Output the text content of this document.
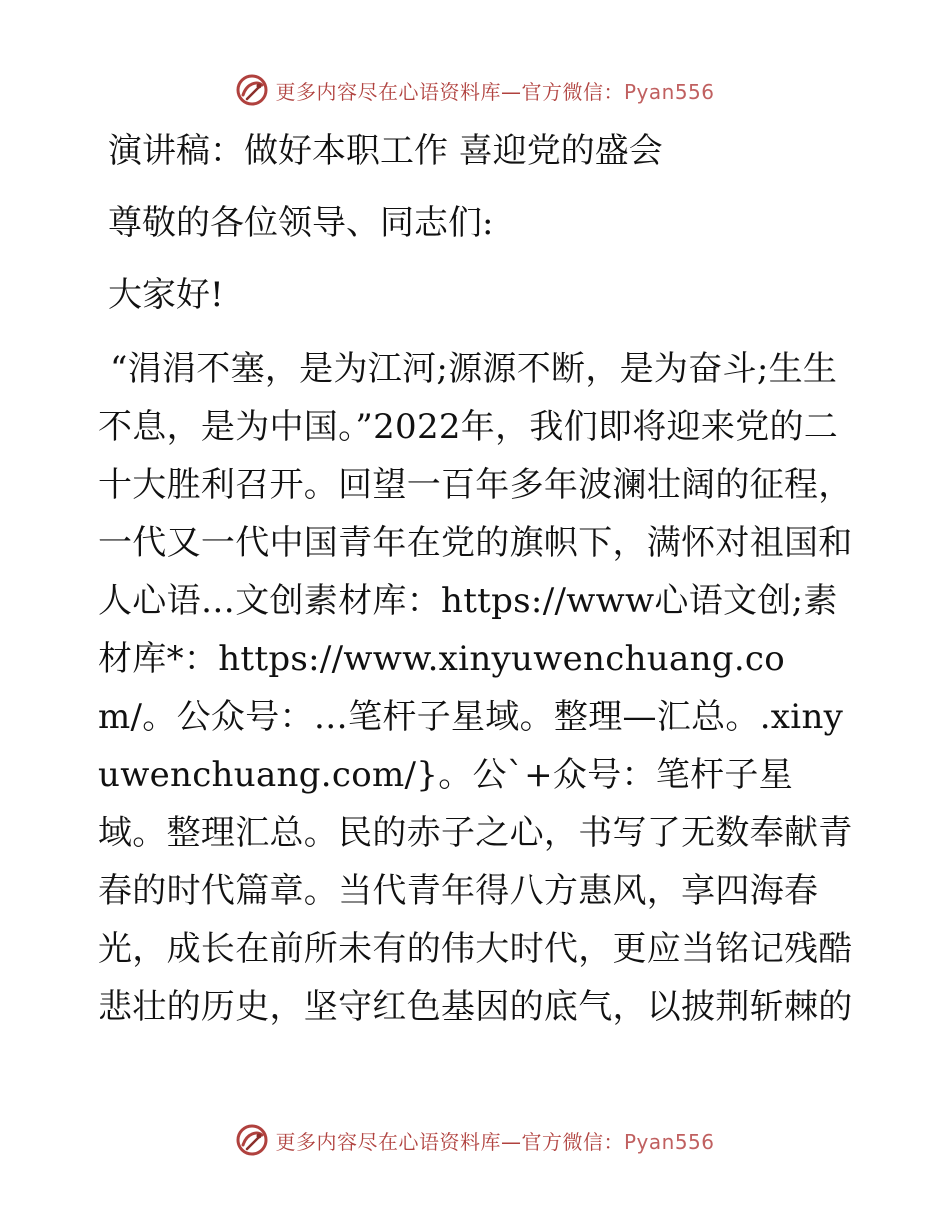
更多内容尽在心语资料库—官方微信：Pyan556

演讲稿：做好本职工作 喜迎党的盛会

尊敬的各位领导、同志们:

大家好!

“涓涓不塞，是为江河;源源不断，是为奋斗;生生不息，是为中国。”2022年，我们即将迎来党的二十大胜利召开。回望一百年多年波澜壮阔的征程，一代又一代中国青年在党的旗帜下，满怀对祖国和人心语…文创素材库：https://www心语文创;素材库*：https://www.xinyuwenchuang.com/。公众号：…笔杆子星域。整理—汇总。.xinyuwenchuang.com/}。公`+众号：笔杆子星域。整理汇总。民的赤子之心，书写了无数奉献青春的时代篇章。当代青年得八方惠风，享四海春光，成长在前所未有的伟大时代，更应当铭记残酷悲壮的历史，坚守红色基因的底气，以披荆斩棘的

更多内容尽在心语资料库—官方微信：Pyan556
